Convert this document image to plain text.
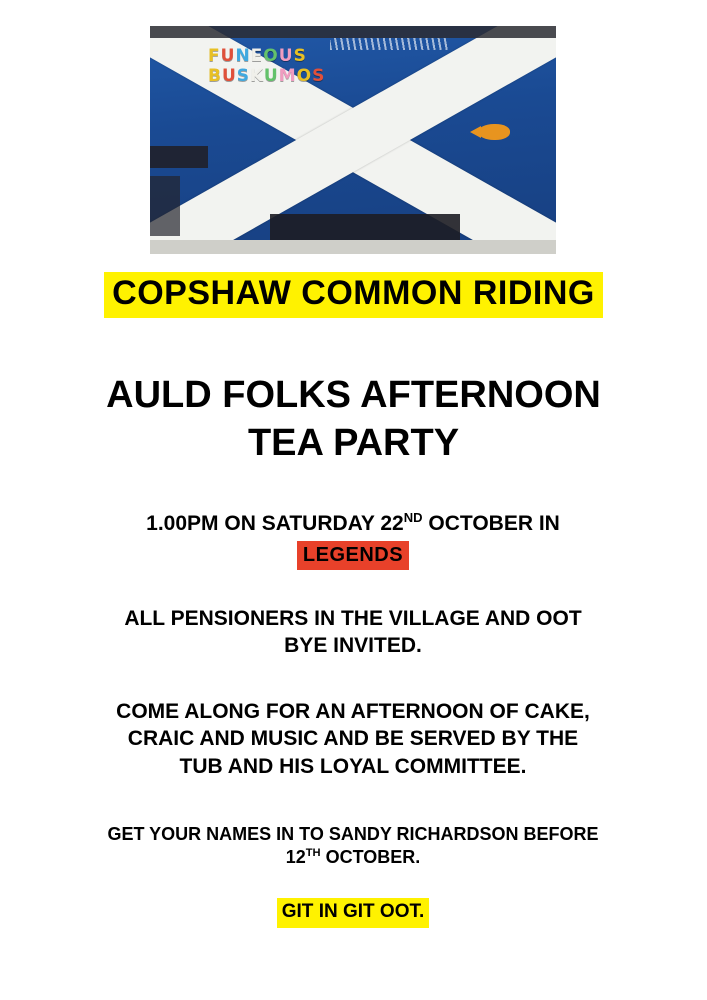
FUNEOUS
BUSKUMOS
COPSHAW COMMON RIDING
AULD FOLKS AFTERNOON
TEA PARTY
1.00PM ON SATURDAY 22ND OCTOBER IN
LEGENDS
ALL PENSIONERS IN THE VILLAGE AND OOT
BYE INVITED.
COME ALONG FOR AN AFTERNOON OF CAKE,
CRAIC AND MUSIC AND BE SERVED BY THE
TUB AND HIS LOYAL COMMITTEE.
GET YOUR NAMES IN TO SANDY RICHARDSON BEFORE
12TH OCTOBER.
GIT IN GIT OOT.
